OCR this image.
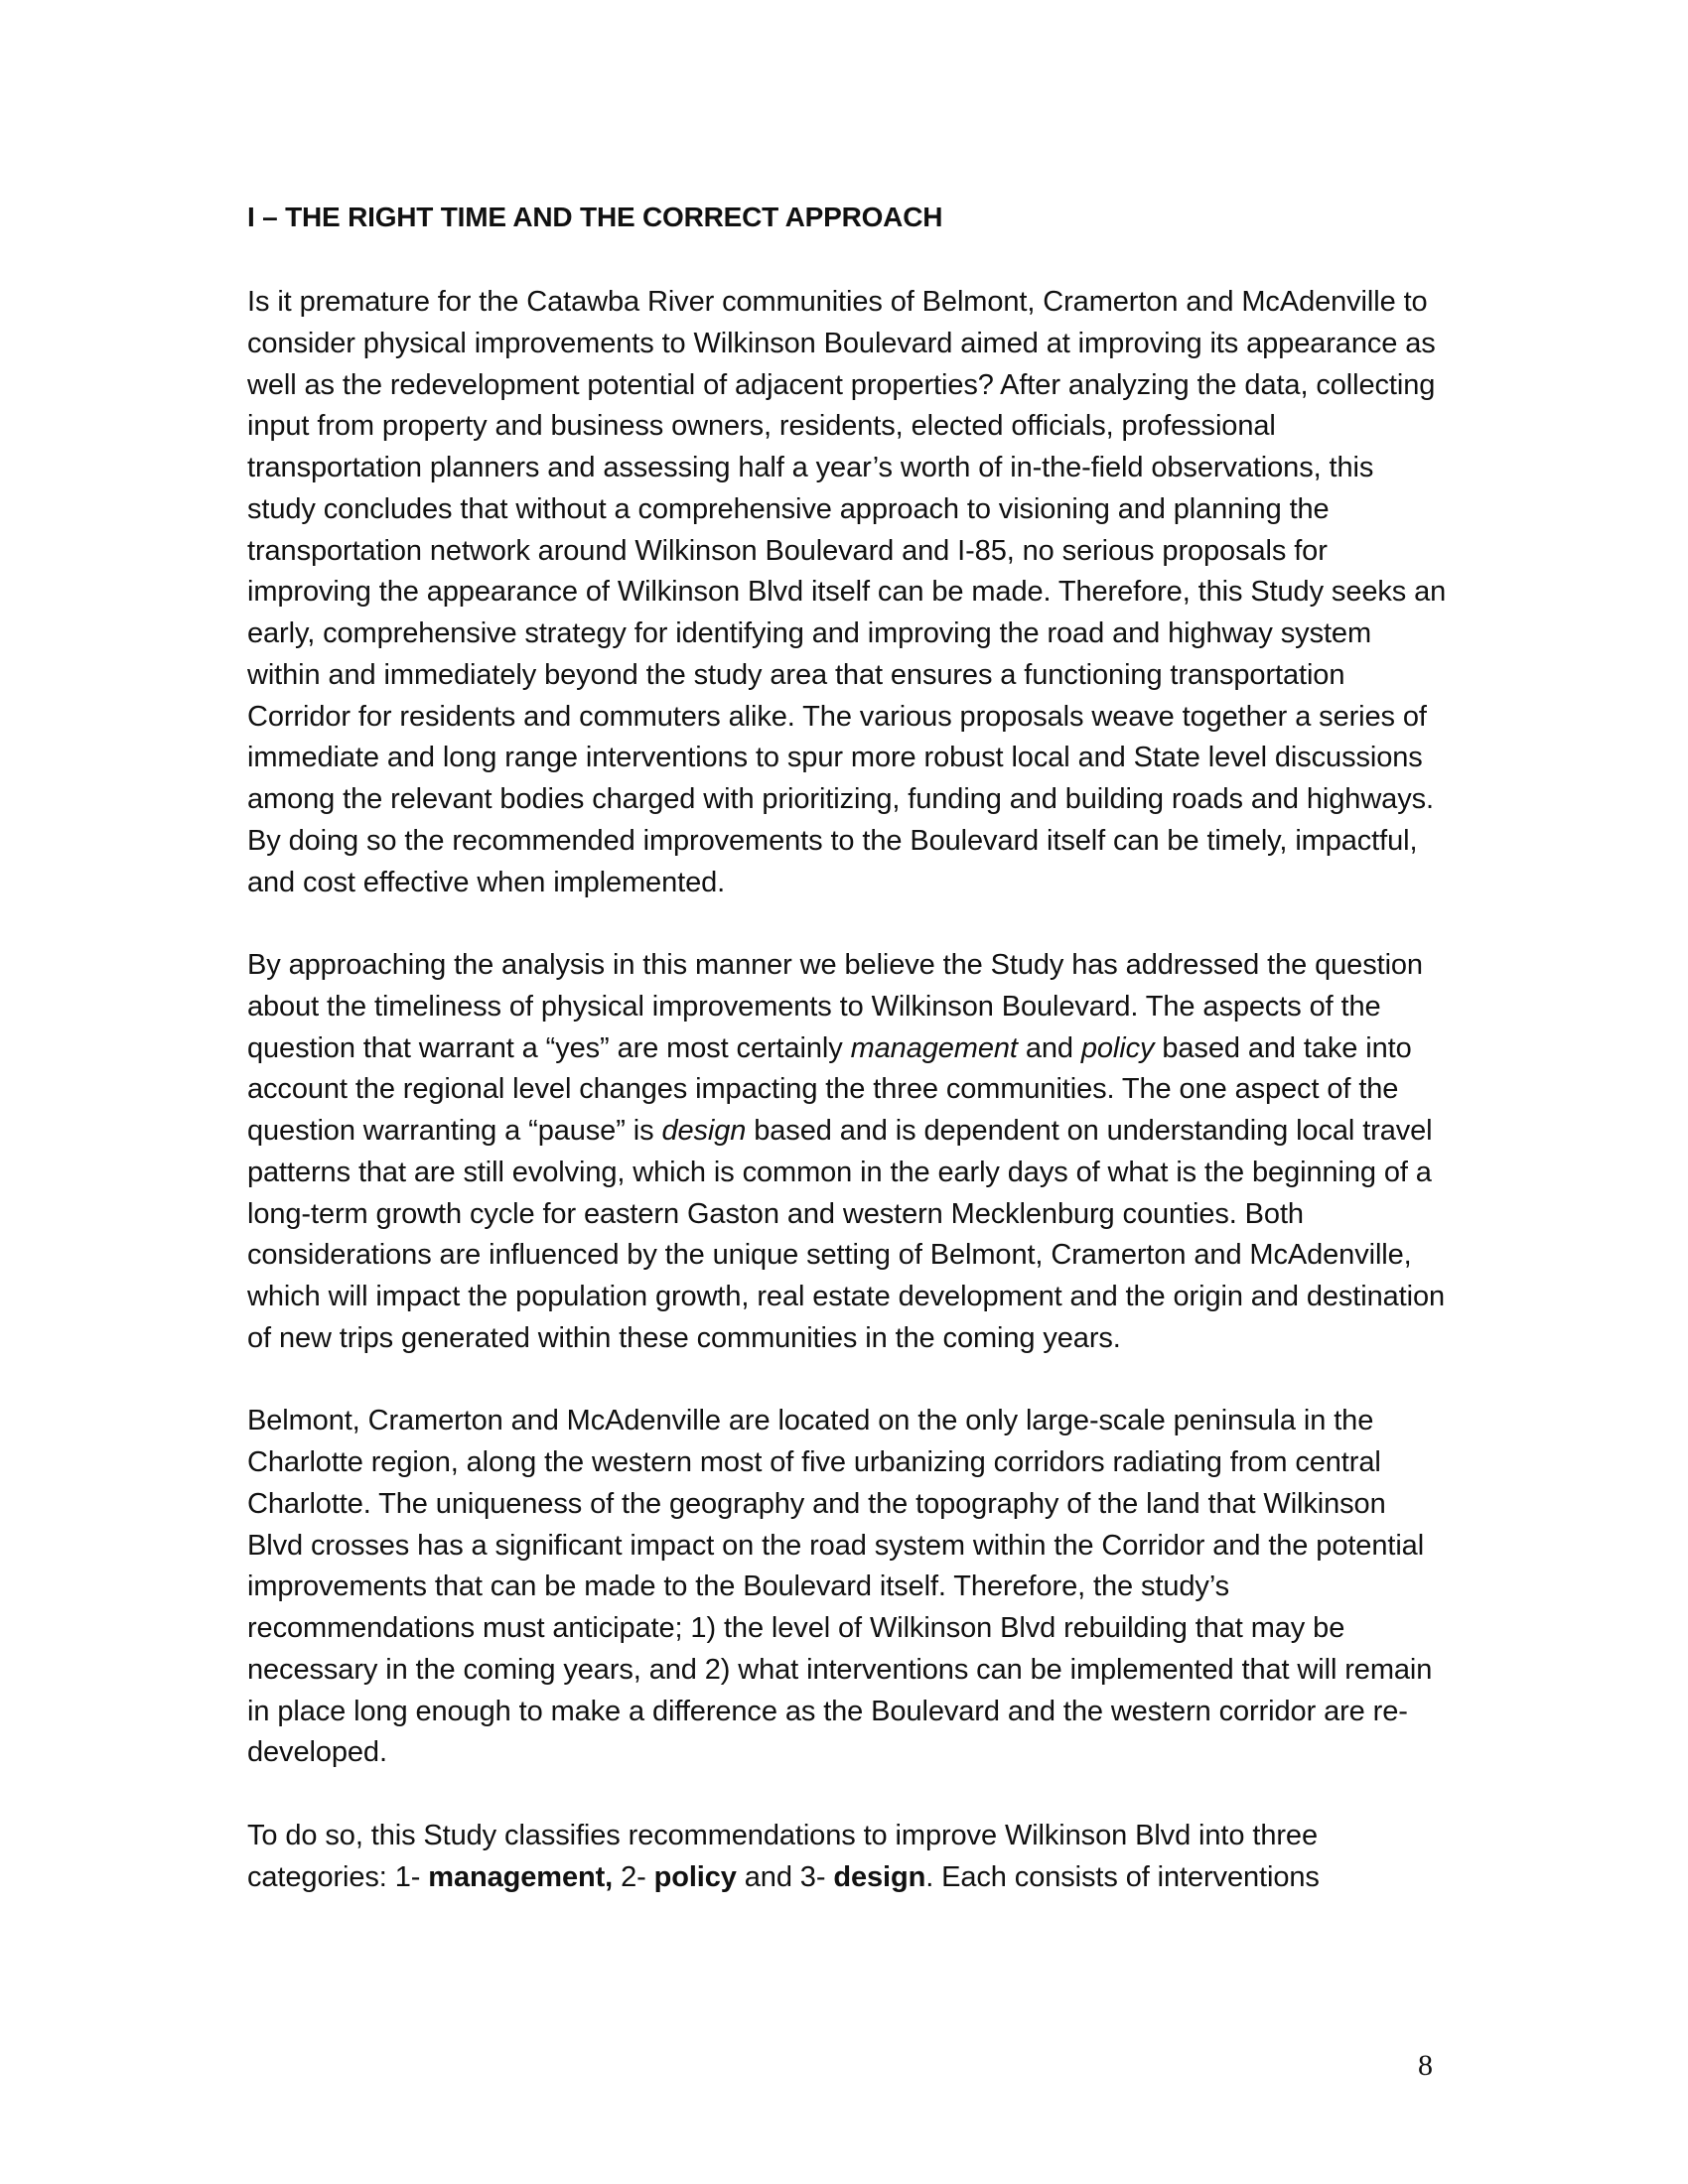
I – THE RIGHT TIME AND THE CORRECT APPROACH

Is it premature for the Catawba River communities of Belmont, Cramerton and McAdenville to consider physical improvements to Wilkinson Boulevard aimed at improving its appearance as well as the redevelopment potential of adjacent properties? After analyzing the data, collecting input from property and business owners, residents, elected officials, professional transportation planners and assessing half a year’s worth of in-the-field observations, this study concludes that without a comprehensive approach to visioning and planning the transportation network around Wilkinson Boulevard and I-85, no serious proposals for improving the appearance of Wilkinson Blvd itself can be made. Therefore, this Study seeks an early, comprehensive strategy for identifying and improving the road and highway system within and immediately beyond the study area that ensures a functioning transportation Corridor for residents and commuters alike. The various proposals weave together a series of immediate and long range interventions to spur more robust local and State level discussions among the relevant bodies charged with prioritizing, funding and building roads and highways. By doing so the recommended improvements to the Boulevard itself can be timely, impactful, and cost effective when implemented.

By approaching the analysis in this manner we believe the Study has addressed the question about the timeliness of physical improvements to Wilkinson Boulevard. The aspects of the question that warrant a “yes” are most certainly management and policy based and take into account the regional level changes impacting the three communities. The one aspect of the question warranting a “pause” is design based and is dependent on understanding local travel patterns that are still evolving, which is common in the early days of what is the beginning of a long-term growth cycle for eastern Gaston and western Mecklenburg counties. Both considerations are influenced by the unique setting of Belmont, Cramerton and McAdenville, which will impact the population growth, real estate development and the origin and destination of new trips generated within these communities in the coming years.

Belmont, Cramerton and McAdenville are located on the only large-scale peninsula in the Charlotte region, along the western most of five urbanizing corridors radiating from central Charlotte. The uniqueness of the geography and the topography of the land that Wilkinson Blvd crosses has a significant impact on the road system within the Corridor and the potential improvements that can be made to the Boulevard itself. Therefore, the study’s recommendations must anticipate; 1) the level of Wilkinson Blvd rebuilding that may be necessary in the coming years, and 2) what interventions can be implemented that will remain in place long enough to make a difference as the Boulevard and the western corridor are re-developed.

To do so, this Study classifies recommendations to improve Wilkinson Blvd into three categories: 1- management, 2- policy and 3- design. Each consists of interventions

8
